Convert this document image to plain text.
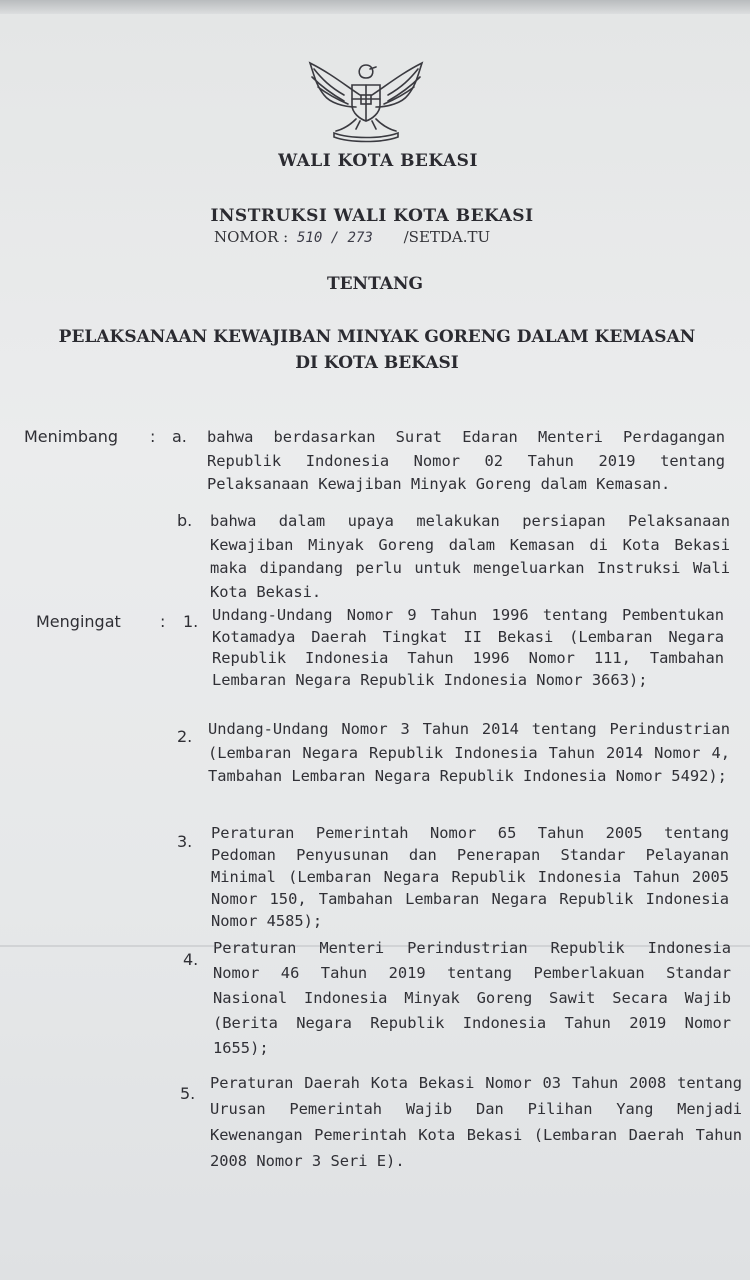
WALI KOTA BEKASI
INSTRUKSI WALI KOTA BEKASI
NOMOR : 510 / 273 /SETDA.TU
TENTANG
PELAKSANAAN KEWAJIBAN MINYAK GORENG DALAM KEMASAN
DI KOTA BEKASI
Menimbang : a. bahwa berdasarkan Surat Edaran Menteri Perdagangan Republik Indonesia Nomor 02 Tahun 2019 tentang Pelaksanaan Kewajiban Minyak Goreng dalam Kemasan.
b. bahwa dalam upaya melakukan persiapan Pelaksanaan Kewajiban Minyak Goreng dalam Kemasan di Kota Bekasi maka dipandang perlu untuk mengeluarkan Instruksi Wali Kota Bekasi.
Mengingat : 1. Undang-Undang Nomor 9 Tahun 1996 tentang Pembentukan Kotamadya Daerah Tingkat II Bekasi (Lembaran Negara Republik Indonesia Tahun 1996 Nomor 111, Tambahan Lembaran Negara Republik Indonesia Nomor 3663);
2. Undang-Undang Nomor 3 Tahun 2014 tentang Perindustrian (Lembaran Negara Republik Indonesia Tahun 2014 Nomor 4, Tambahan Lembaran Negara Republik Indonesia Nomor 5492);
3. Peraturan Pemerintah Nomor 65 Tahun 2005 tentang Pedoman Penyusunan dan Penerapan Standar Pelayanan Minimal (Lembaran Negara Republik Indonesia Tahun 2005 Nomor 150, Tambahan Lembaran Negara Republik Indonesia Nomor 4585);
4.
Peraturan Menteri Perindustrian Republik Indonesia Nomor 46 Tahun 2019 tentang Pemberlakuan Standar Nasional Indonesia Minyak Goreng Sawit Secara Wajib (Berita Negara Republik Indonesia Tahun 2019 Nomor 1655);
5.
Peraturan Daerah Kota Bekasi Nomor 03 Tahun 2008 tentang Urusan Pemerintah Wajib Dan Pilihan Yang Menjadi Kewenangan Pemerintah Kota Bekasi (Lembaran Daerah Tahun 2008 Nomor 3 Seri E).
